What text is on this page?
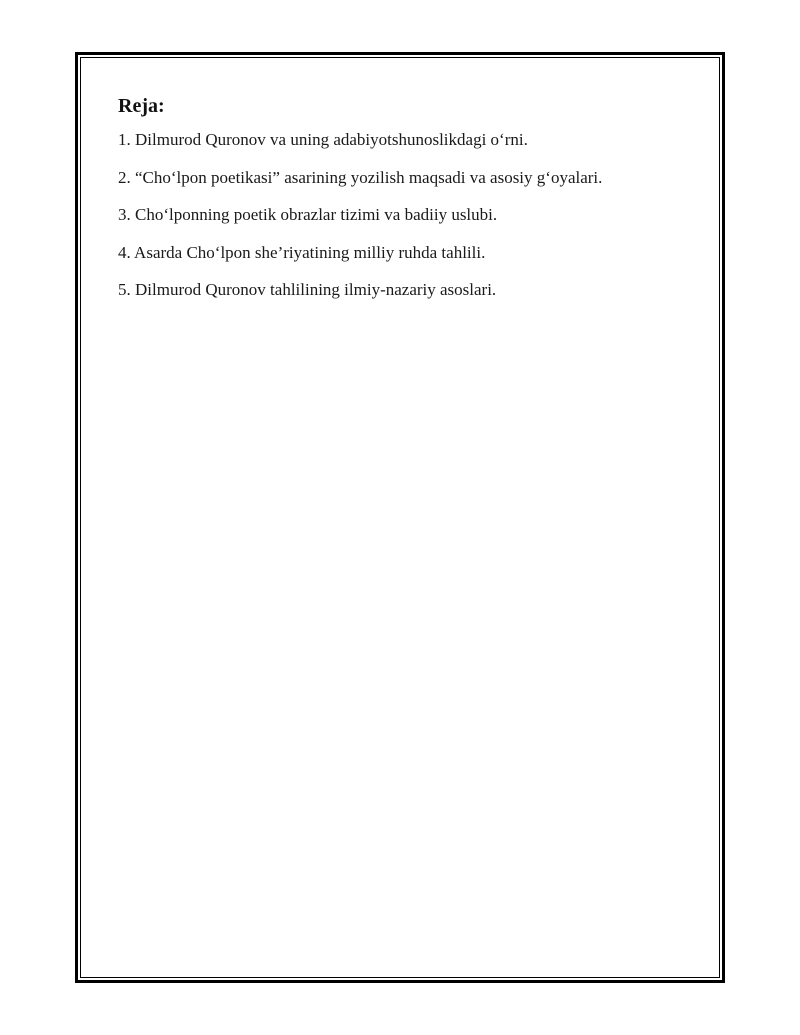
Reja:
1. Dilmurod Quronov va uning adabiyotshunoslikdagi o‘rni.
2. “Cho‘lpon poetikasi” asarining yozilish maqsadi va asosiy g‘oyalari.
3. Cho‘lponning poetik obrazlar tizimi va badiiy uslubi.
4. Asarda Cho‘lpon she’riyatining milliy ruhda tahlili.
5. Dilmurod Quronov tahlilining ilmiy-nazariy asoslari.
